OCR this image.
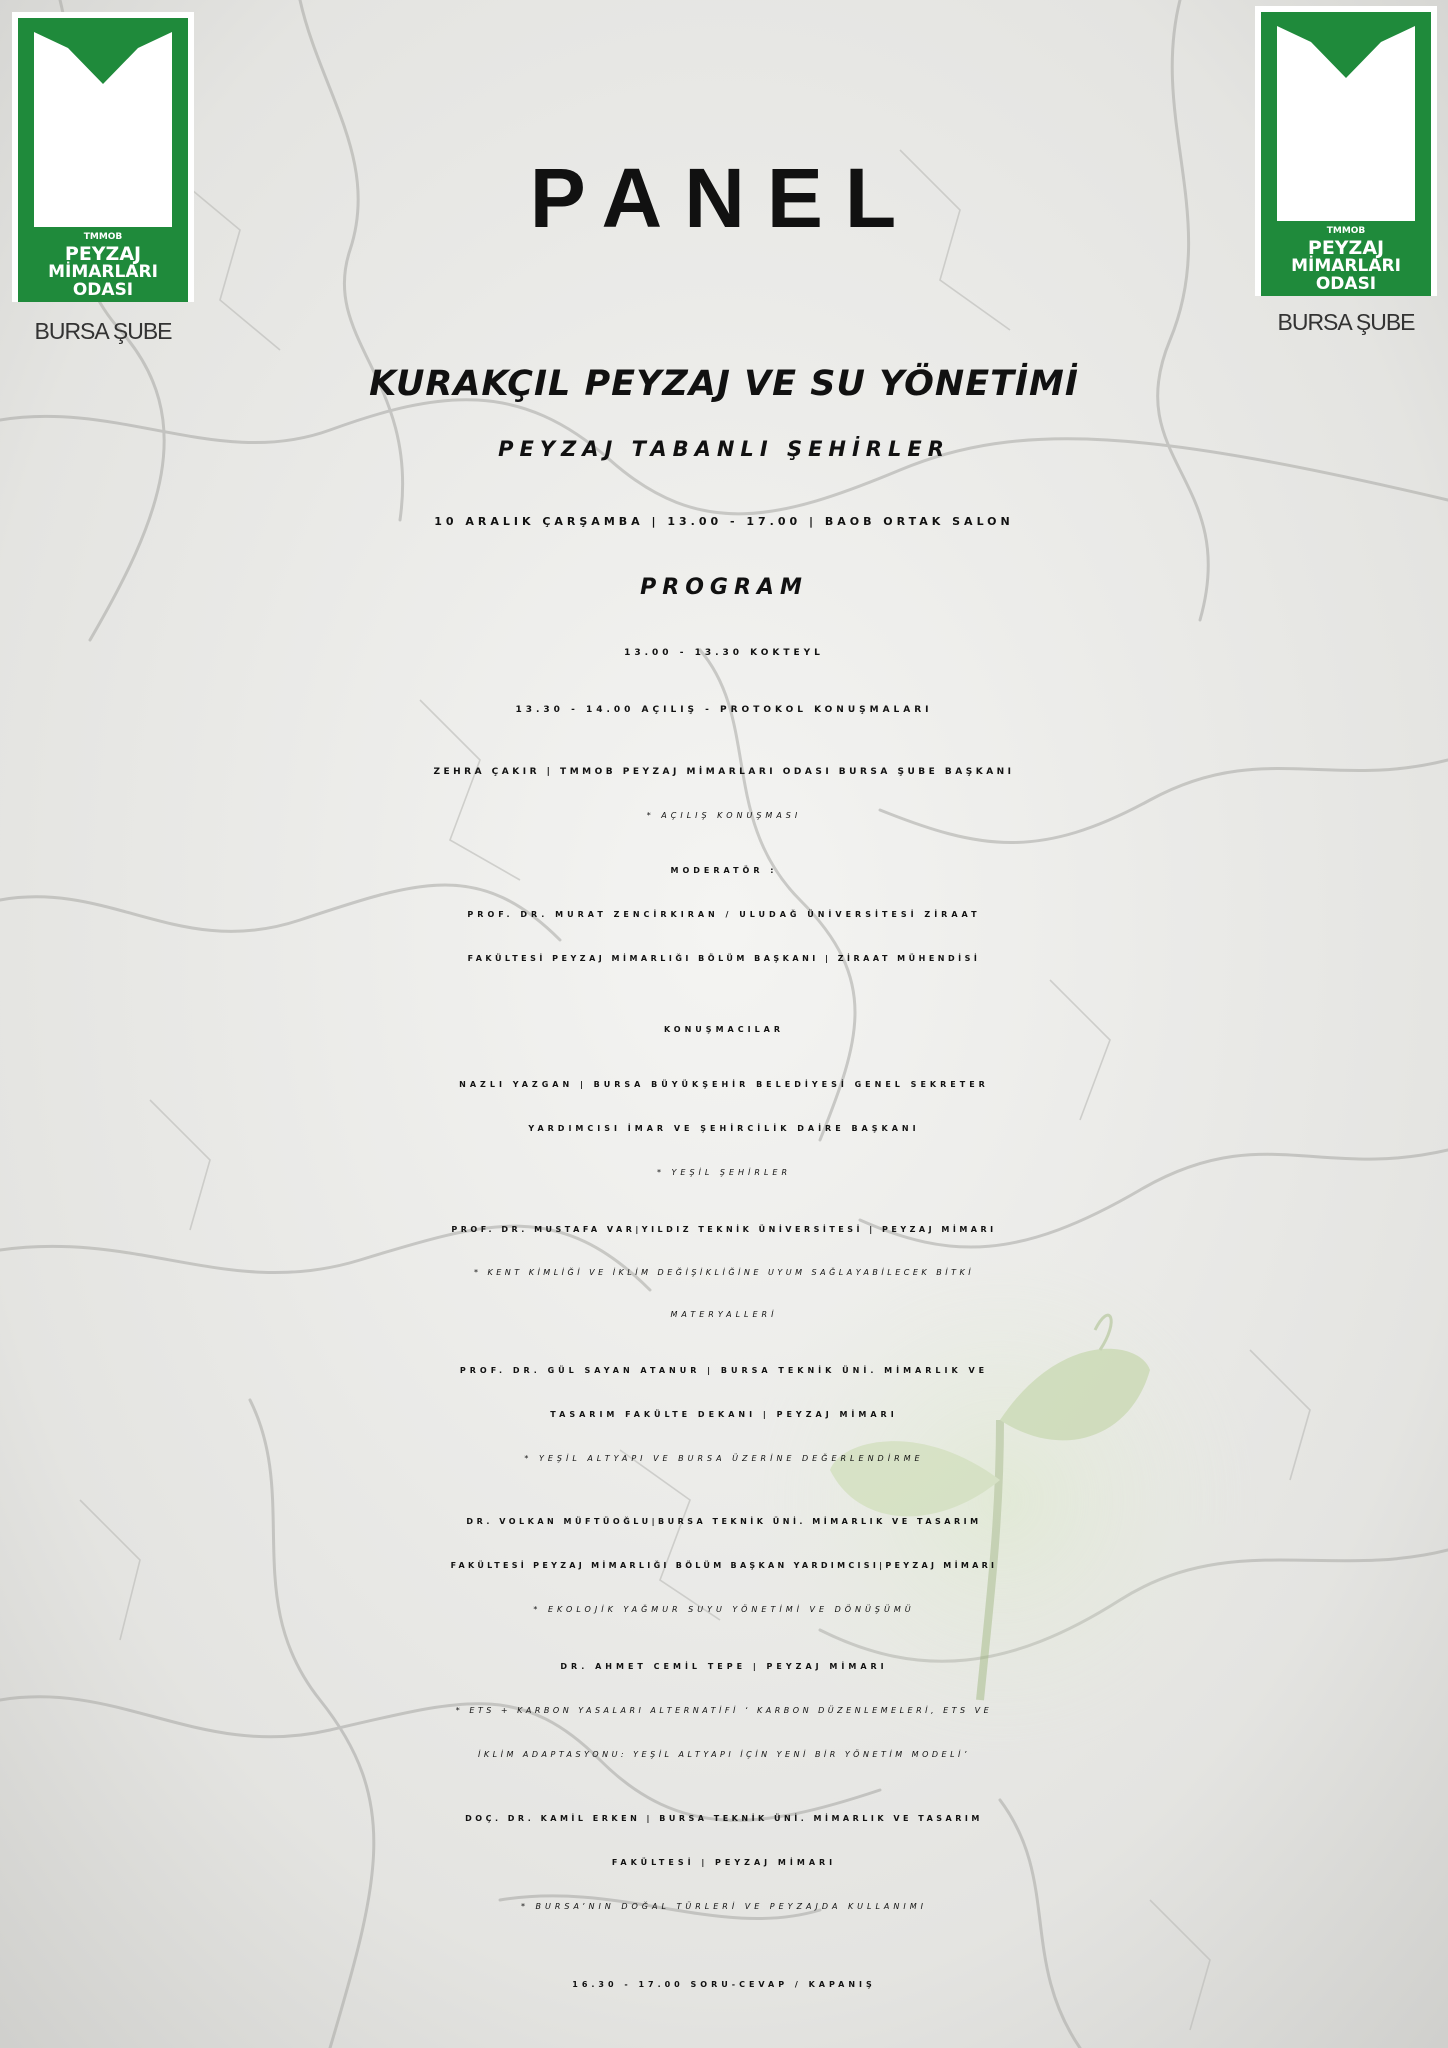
TMMOB
PEYZAJ
MİMARLARI
ODASI
BURSA ŞUBE
TMMOB
PEYZAJ
MİMARLARI
ODASI
BURSA ŞUBE
PANEL
KURAKÇIL PEYZAJ VE SU YÖNETİMİ
PEYZAJ TABANLI ŞEHİRLER
10 ARALIK ÇARŞAMBA | 13.00 - 17.00 | BAOB ORTAK SALON
PROGRAM
13.00 - 13.30 KOKTEYL
13.30 - 14.00 AÇILIŞ - PROTOKOL KONUŞMALARI
ZEHRA ÇAKIR | TMMOB PEYZAJ MİMARLARI ODASI BURSA ŞUBE BAŞKANI
* AÇILIŞ KONUŞMASI
MODERATÖR :
PROF. DR. MURAT ZENCİRKIRAN / ULUDAĞ ÜNİVERSİTESİ ZİRAAT
FAKÜLTESİ PEYZAJ MİMARLIĞI BÖLÜM BAŞKANI | ZİRAAT MÜHENDİSİ
KONUŞMACILAR
NAZLI YAZGAN | BURSA BÜYÜKŞEHİR BELEDİYESİ GENEL SEKRETER
YARDIMCISI İMAR VE ŞEHİRCİLİK DAİRE BAŞKANI
* YEŞİL ŞEHİRLER
PROF. DR. MUSTAFA VAR|YILDIZ TEKNİK ÜNİVERSİTESİ | PEYZAJ MİMARI
* KENT KİMLİĞİ VE İKLİM DEĞİŞİKLİĞİNE UYUM SAĞLAYABİLECEK BİTKİ
MATERYALLERİ
PROF. DR. GÜL SAYAN ATANUR | BURSA TEKNİK ÜNİ. MİMARLIK VE
TASARIM FAKÜLTE DEKANI | PEYZAJ MİMARI
* YEŞİL ALTYAPI VE BURSA ÜZERİNE DEĞERLENDİRME
DR. VOLKAN MÜFTÜOĞLU|BURSA TEKNİK ÜNİ. MİMARLIK VE TASARIM
FAKÜLTESİ PEYZAJ MİMARLIĞI BÖLÜM BAŞKAN YARDIMCISI|PEYZAJ MİMARI
* EKOLOJİK YAĞMUR SUYU YÖNETİMİ VE DÖNÜŞÜMÜ
DR. AHMET CEMİL TEPE | PEYZAJ MİMARI
* ETS + KARBON YASALARI ALTERNATİFİ ‘ KARBON DÜZENLEMELERİ, ETS VE
İKLİM ADAPTASYONU: YEŞİL ALTYAPI İÇİN YENİ BİR YÖNETİM MODELİ’
DOÇ. DR. KAMİL ERKEN | BURSA TEKNİK ÜNİ. MİMARLIK VE TASARIM
FAKÜLTESİ | PEYZAJ MİMARI
* BURSA’NIN DOĞAL TÜRLERİ VE PEYZAJDA KULLANIMI
16.30 - 17.00 SORU-CEVAP / KAPANIŞ
